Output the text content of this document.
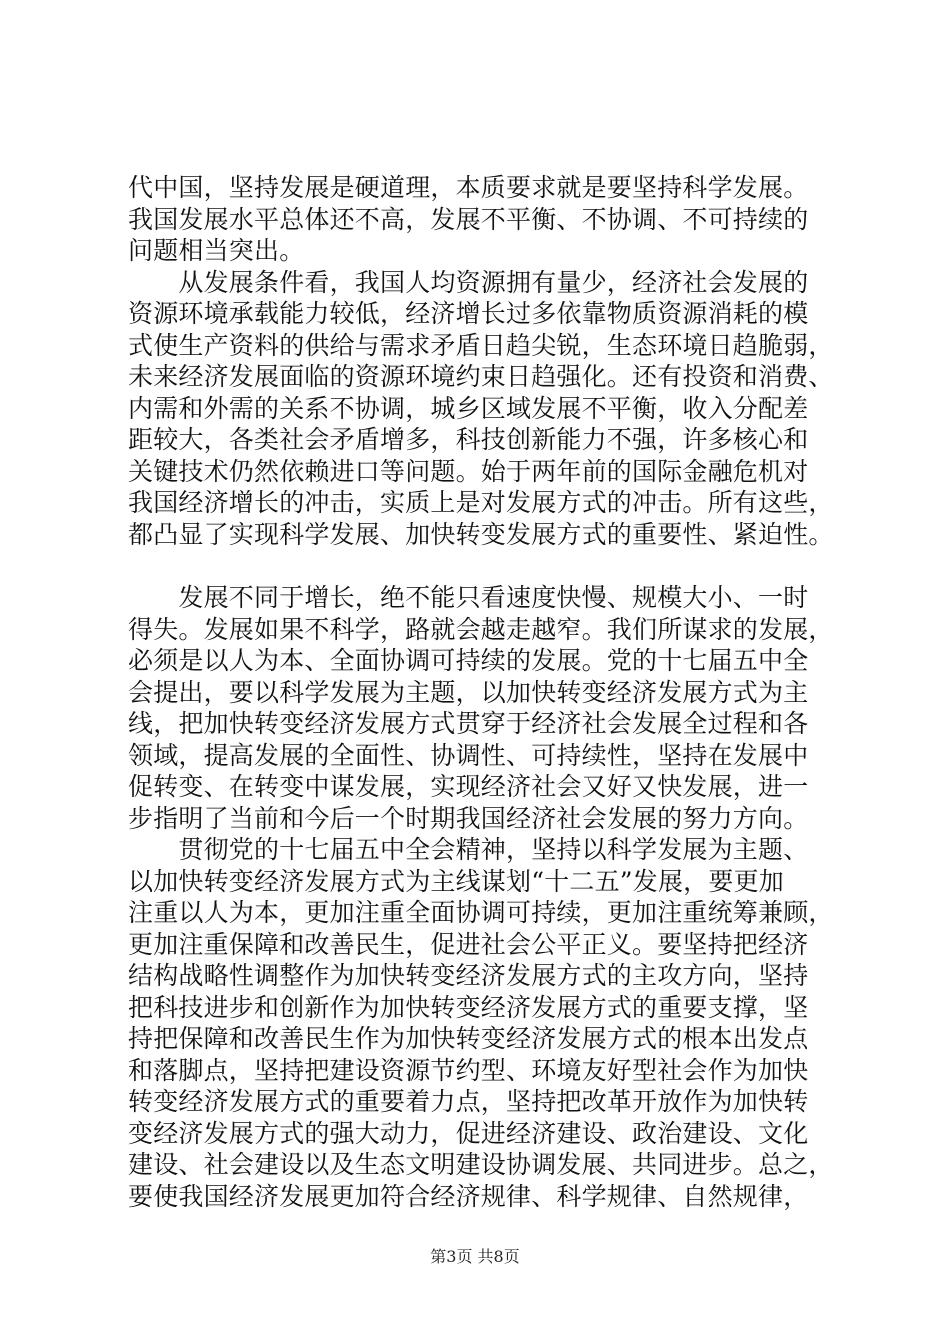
代中国，坚持发展是硬道理，本质要求就是要坚持科学发展。
我国发展水平总体还不高，发展不平衡、不协调、不可持续的
问题相当突出。
　　从发展条件看，我国人均资源拥有量少，经济社会发展的
资源环境承载能力较低，经济增长过多依靠物质资源消耗的模
式使生产资料的供给与需求矛盾日趋尖锐，生态环境日趋脆弱，
未来经济发展面临的资源环境约束日趋强化。还有投资和消费、
内需和外需的关系不协调，城乡区域发展不平衡，收入分配差
距较大，各类社会矛盾增多，科技创新能力不强，许多核心和
关键技术仍然依赖进口等问题。始于两年前的国际金融危机对
我国经济增长的冲击，实质上是对发展方式的冲击。所有这些，
都凸显了实现科学发展、加快转变发展方式的重要性、紧迫性。
　　发展不同于增长，绝不能只看速度快慢、规模大小、一时
得失。发展如果不科学，路就会越走越窄。我们所谋求的发展，
必须是以人为本、全面协调可持续的发展。党的十七届五中全
会提出，要以科学发展为主题，以加快转变经济发展方式为主
线，把加快转变经济发展方式贯穿于经济社会发展全过程和各
领域，提高发展的全面性、协调性、可持续性，坚持在发展中
促转变、在转变中谋发展，实现经济社会又好又快发展，进一
步指明了当前和今后一个时期我国经济社会发展的努力方向。
　　贯彻党的十七届五中全会精神，坚持以科学发展为主题、
以加快转变经济发展方式为主线谋划“十二五”发展，要更加
注重以人为本，更加注重全面协调可持续，更加注重统筹兼顾，
更加注重保障和改善民生，促进社会公平正义。要坚持把经济
结构战略性调整作为加快转变经济发展方式的主攻方向，坚持
把科技进步和创新作为加快转变经济发展方式的重要支撑，坚
持把保障和改善民生作为加快转变经济发展方式的根本出发点
和落脚点，坚持把建设资源节约型、环境友好型社会作为加快
转变经济发展方式的重要着力点，坚持把改革开放作为加快转
变经济发展方式的强大动力，促进经济建设、政治建设、文化
建设、社会建设以及生态文明建设协调发展、共同进步。总之，
要使我国经济发展更加符合经济规律、科学规律、自然规律，
第3页 共8页
